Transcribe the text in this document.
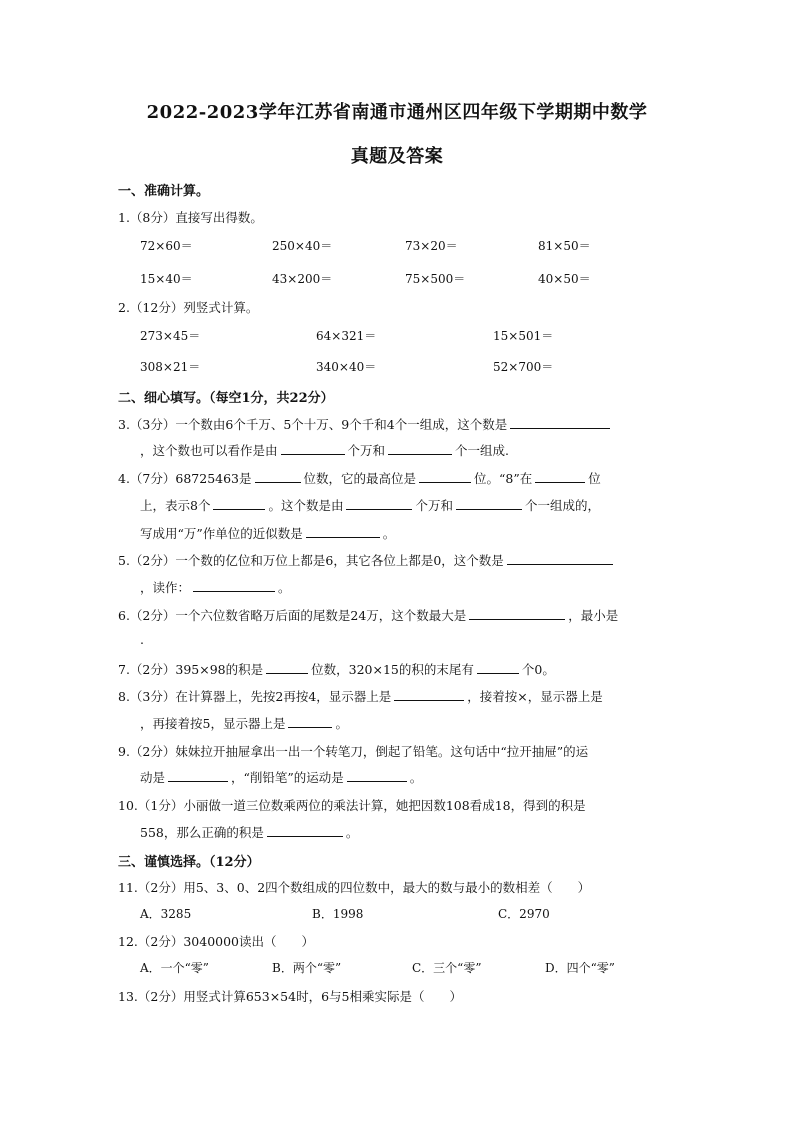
2022-2023学年江苏省南通市通州区四年级下学期期中数学
真题及答案
一、准确计算。
1.（8分）直接写出得数。
72×60＝	250×40＝	73×20＝	81×50＝
15×40＝	43×200＝	75×500＝	40×50＝
2.（12分）列竖式计算。
273×45＝	64×321＝	15×501＝
308×21＝	340×40＝	52×700＝
二、细心填写。（每空1分，共22分）
3.（3分）一个数由6个千万、5个十万、9个千和4个一组成，这个数是
，这个数也可以看作是由	个万和	个一组成.
4.（7分）68725463是	位数，它的最高位是	位。“8”在	位
上，表示8个	。这个数是由	个万和	个一组成的，
写成用“万”作单位的近似数是	。
5.（2分）一个数的亿位和万位上都是6，其它各位上都是0，这个数是
，读作：	。
6.（2分）一个六位数省略万后面的尾数是24万，这个数最大是	，最小是
.
7.（2分）395×98的积是	位数，320×15的积的末尾有	个0。
8.（3分）在计算器上，先按2再按4，显示器上是	，接着按×，显示器上是
，再接着按5，显示器上是	。
9.（2分）妹妹拉开抽屉拿出一出一个转笔刀，倒起了铅笔。这句话中“拉开抽屉”的运
动是	，“削铅笔”的运动是	。
10.（1分）小丽做一道三位数乘两位的乘法计算，她把因数108看成18，得到的积是
558，那么正确的积是	。
三、谨慎选择。（12分）
11.（2分）用5、3、0、2四个数组成的四位数中，最大的数与最小的数相差（　　）
A．3285	B．1998	C．2970
12.（2分）3040000读出（　　）
A．一个“零”	B．两个“零”	C．三个“零”	D．四个“零”
13.（2分）用竖式计算653×54时，6与5相乘实际是（　　）
